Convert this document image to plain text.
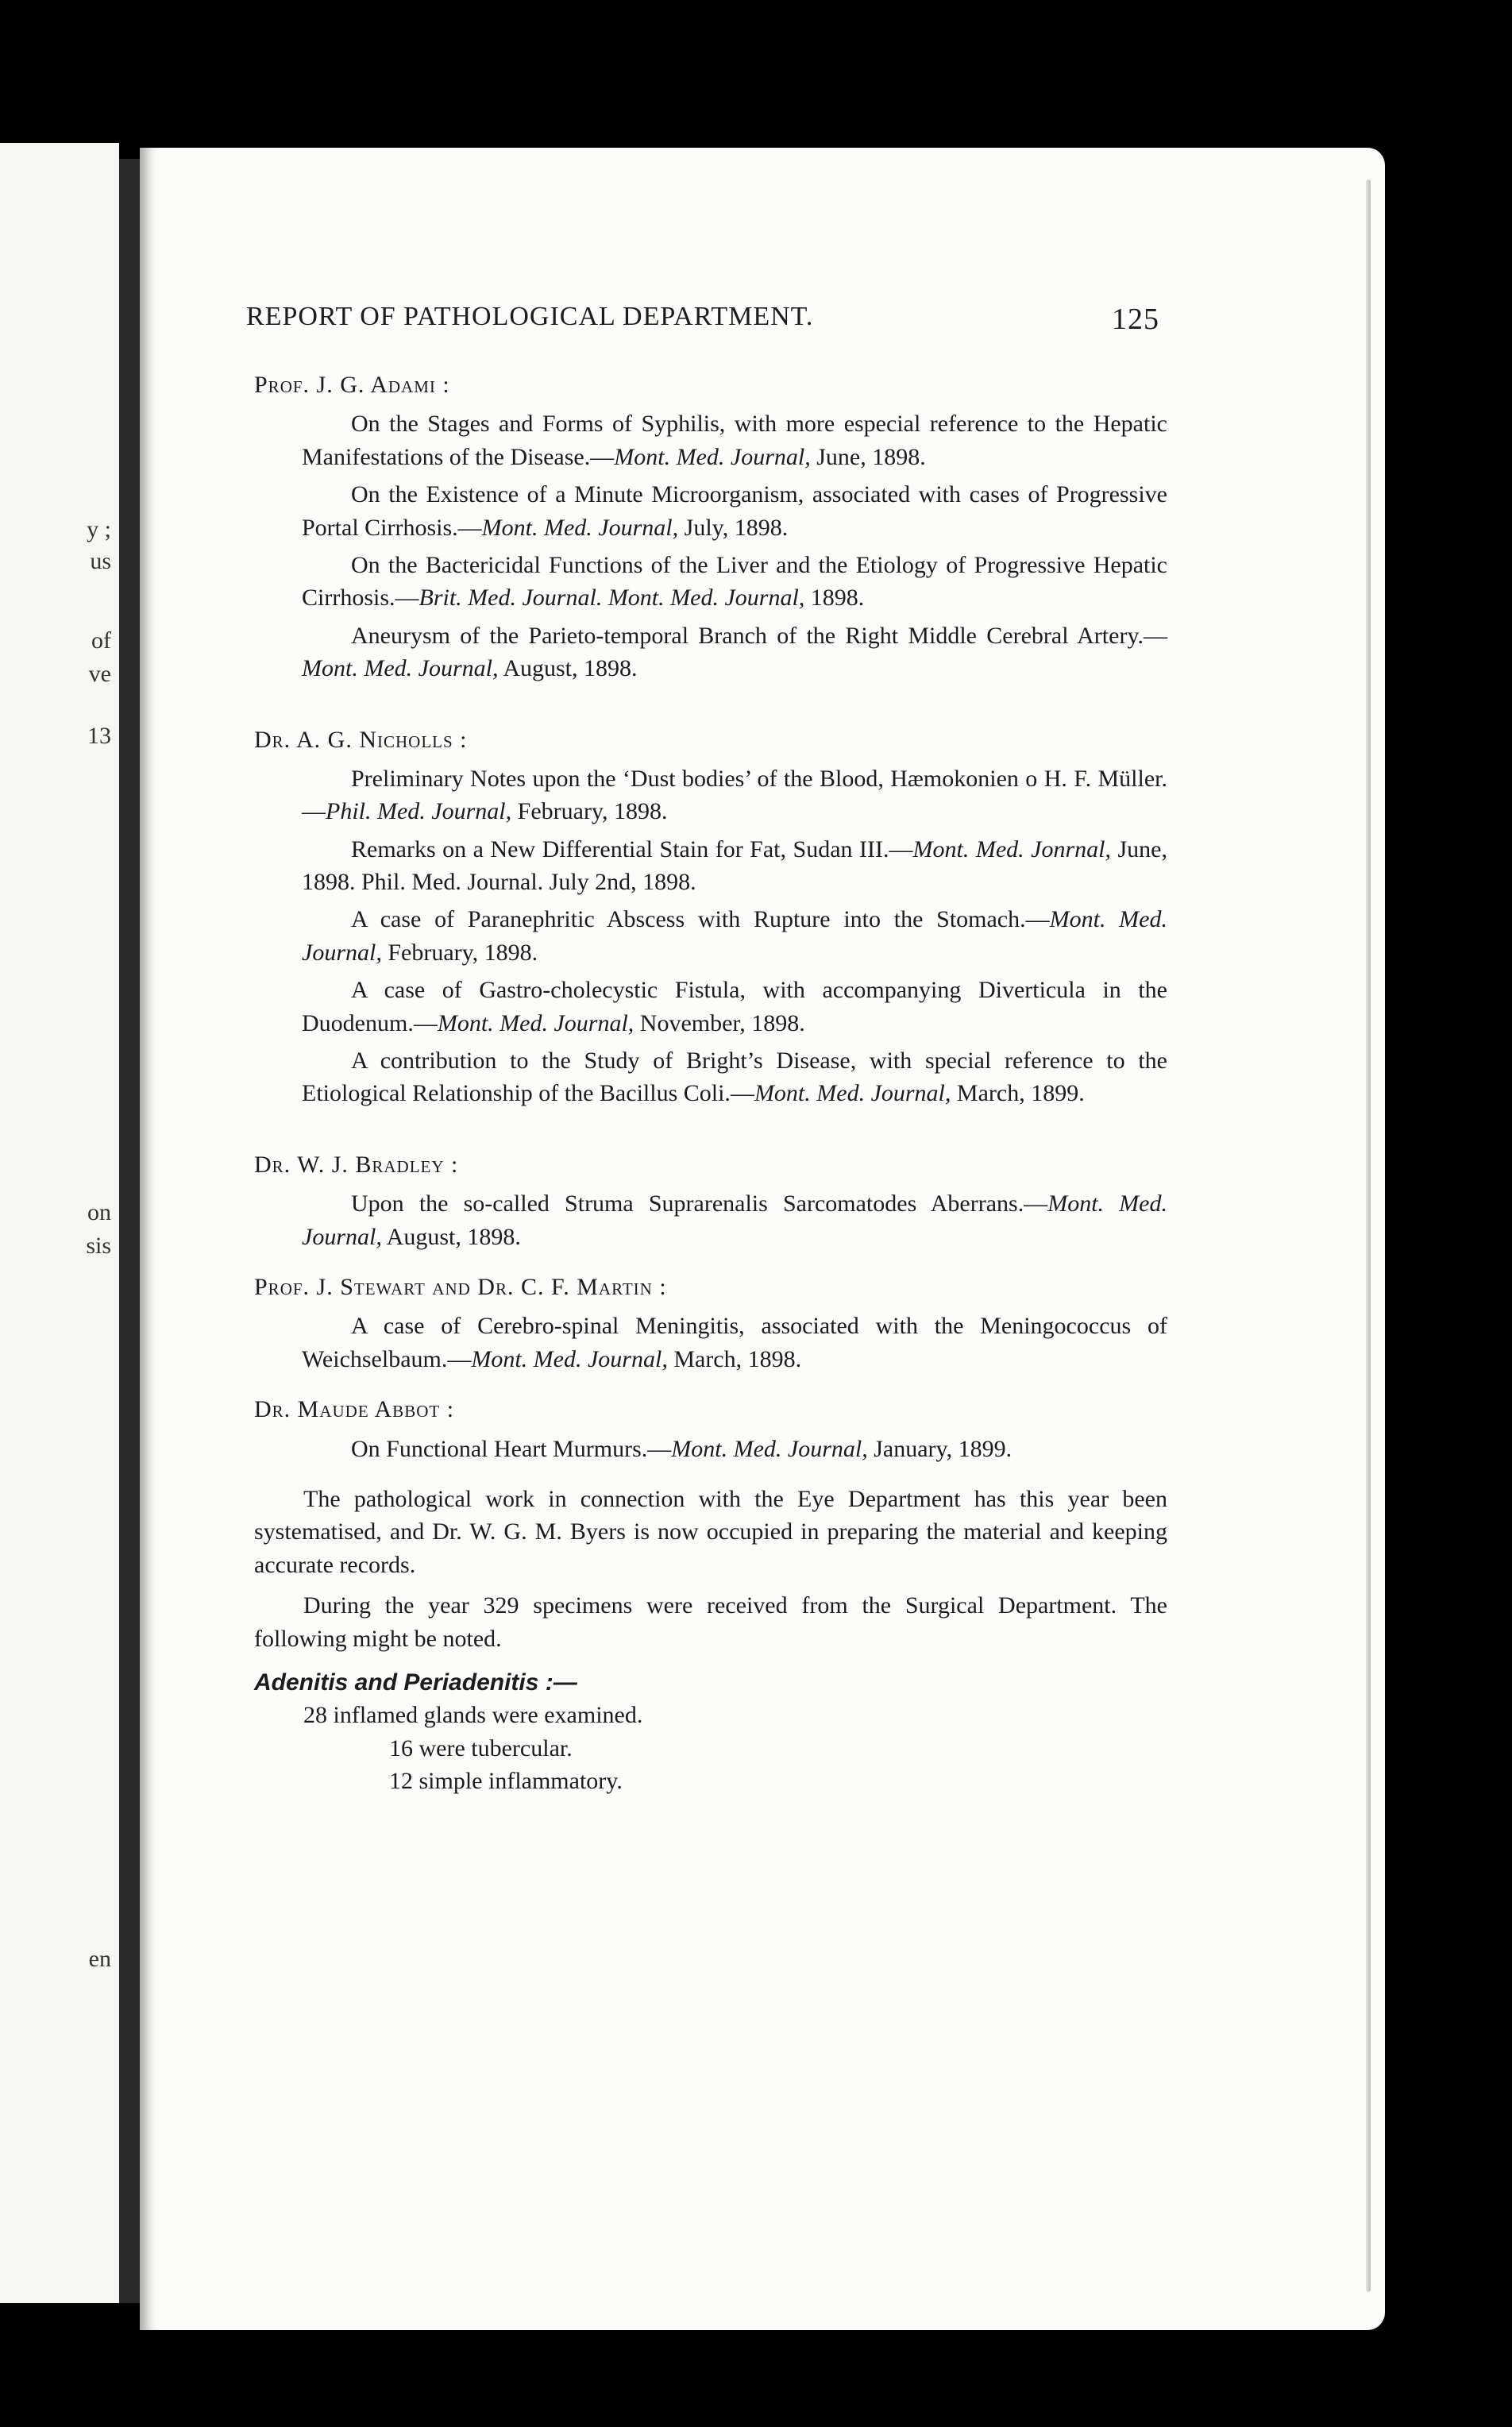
y ;
us
of
ve
13
on
sis
en
REPORT OF PATHOLOGICAL DEPARTMENT.	125
Prof. J. G. Adami :
On the Stages and Forms of Syphilis, with more especial reference to the Hepatic Manifestations of the Disease.—Mont. Med. Journal, June, 1898.
On the Existence of a Minute Microorganism, associated with cases of Progressive Portal Cirrhosis.—Mont. Med. Journal, July, 1898.
On the Bactericidal Functions of the Liver and the Etiology of Progressive Hepatic Cirrhosis.—Brit. Med. Journal. Mont. Med. Journal, 1898.
Aneurysm of the Parieto-temporal Branch of the Right Middle Cerebral Artery.—Mont. Med. Journal, August, 1898.
Dr. A. G. Nicholls :
Preliminary Notes upon the ‘Dust bodies’ of the Blood, Hæmokonien o H. F. Müller.—Phil. Med. Journal, February, 1898.
Remarks on a New Differential Stain for Fat, Sudan III.—Mont. Med. Jonrnal, June, 1898. Phil. Med. Journal. July 2nd, 1898.
A case of Paranephritic Abscess with Rupture into the Stomach.—Mont. Med. Journal, February, 1898.
A case of Gastro-cholecystic Fistula, with accompanying Diverticula in the Duodenum.—Mont. Med. Journal, November, 1898.
A contribution to the Study of Bright’s Disease, with special reference to the Etiological Relationship of the Bacillus Coli.—Mont. Med. Journal, March, 1899.
Dr. W. J. Bradley :
Upon the so-called Struma Suprarenalis Sarcomatodes Aberrans.—Mont. Med. Journal, August, 1898.
Prof. J. Stewart and Dr. C. F. Martin :
A case of Cerebro-spinal Meningitis, associated with the Meningococcus of Weichselbaum.—Mont. Med. Journal, March, 1898.
Dr. Maude Abbot :
On Functional Heart Murmurs.—Mont. Med. Journal, January, 1899.
The pathological work in connection with the Eye Department has this year been systematised, and Dr. W. G. M. Byers is now occupied in preparing the material and keeping accurate records.
During the year 329 specimens were received from the Surgical Department. The following might be noted.
Adenitis and Periadenitis :—
28 inflamed glands were examined.
16 were tubercular.
12 simple inflammatory.
